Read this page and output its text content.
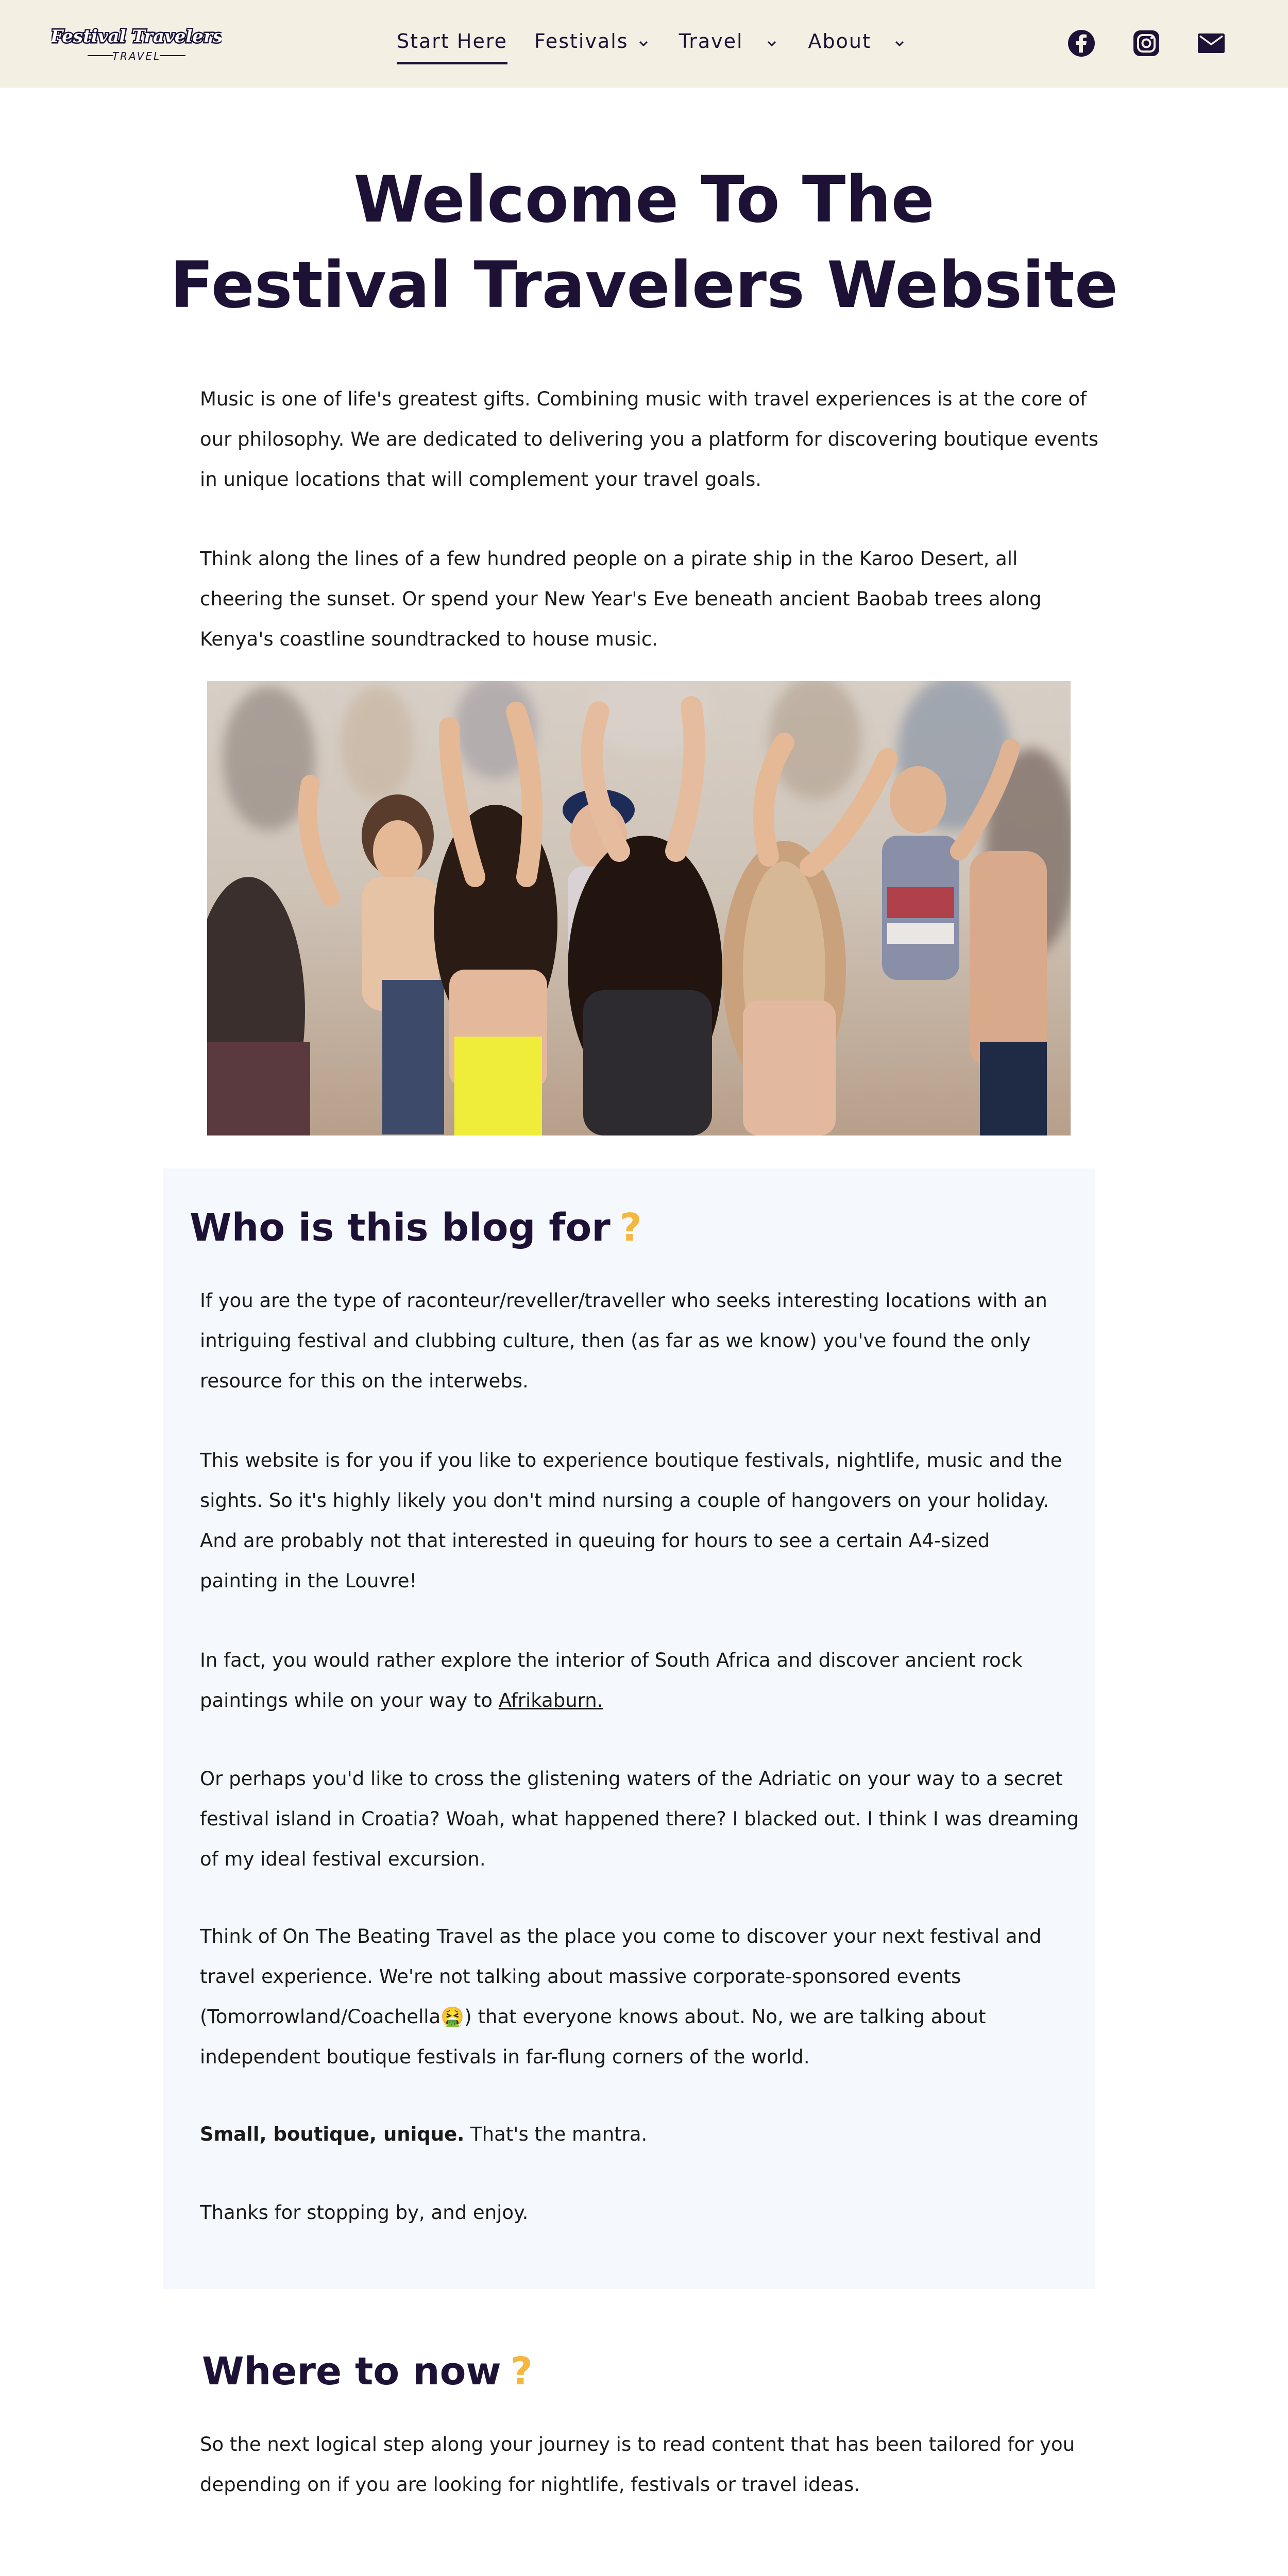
Festival Travelers
TRAVEL
Start Here Festivals	Travel	About
Welcome To The
Festival Travelers Website

Music is one of life's greatest gifts. Combining music with travel experiences is at the core of our philosophy. We are dedicated to delivering you a platform for discovering boutique events in unique locations that will complement your travel goals.

Think along the lines of a few hundred people on a pirate ship in the Karoo Desert, all cheering the sunset. Or spend your New Year's Eve beneath ancient Baobab trees along Kenya's coastline soundtracked to house music.

Who is this blog for ?

If you are the type of raconteur/reveller/traveller who seeks interesting locations with an intriguing festival and clubbing culture, then (as far as we know) you've found the only resource for this on the interwebs.

This website is for you if you like to experience boutique festivals, nightlife, music and the sights. So it's highly likely you don't mind nursing a couple of hangovers on your holiday.
And are probably not that interested in queuing for hours to see a certain A4-sized
painting in the Louvre!

In fact, you would rather explore the interior of South Africa and discover ancient rock paintings while on your way to Afrikaburn.

Or perhaps you'd like to cross the glistening waters of the Adriatic on your way to a secret festival island in Croatia? Woah, what happened there? I blacked out. I think I was dreaming of my ideal festival excursion.

Think of On The Beating Travel as the place you come to discover your next festival and travel experience. We're not talking about massive corporate-sponsored events (Tomorrowland/Coachella🤮) that everyone knows about. No, we are talking about independent boutique festivals in far-flung corners of the world.

Small, boutique, unique. That's the mantra.

Thanks for stopping by, and enjoy.

Where to now ?

So the next logical step along your journey is to read content that has been tailored for you depending on if you are looking for nightlife, festivals or travel ideas.
